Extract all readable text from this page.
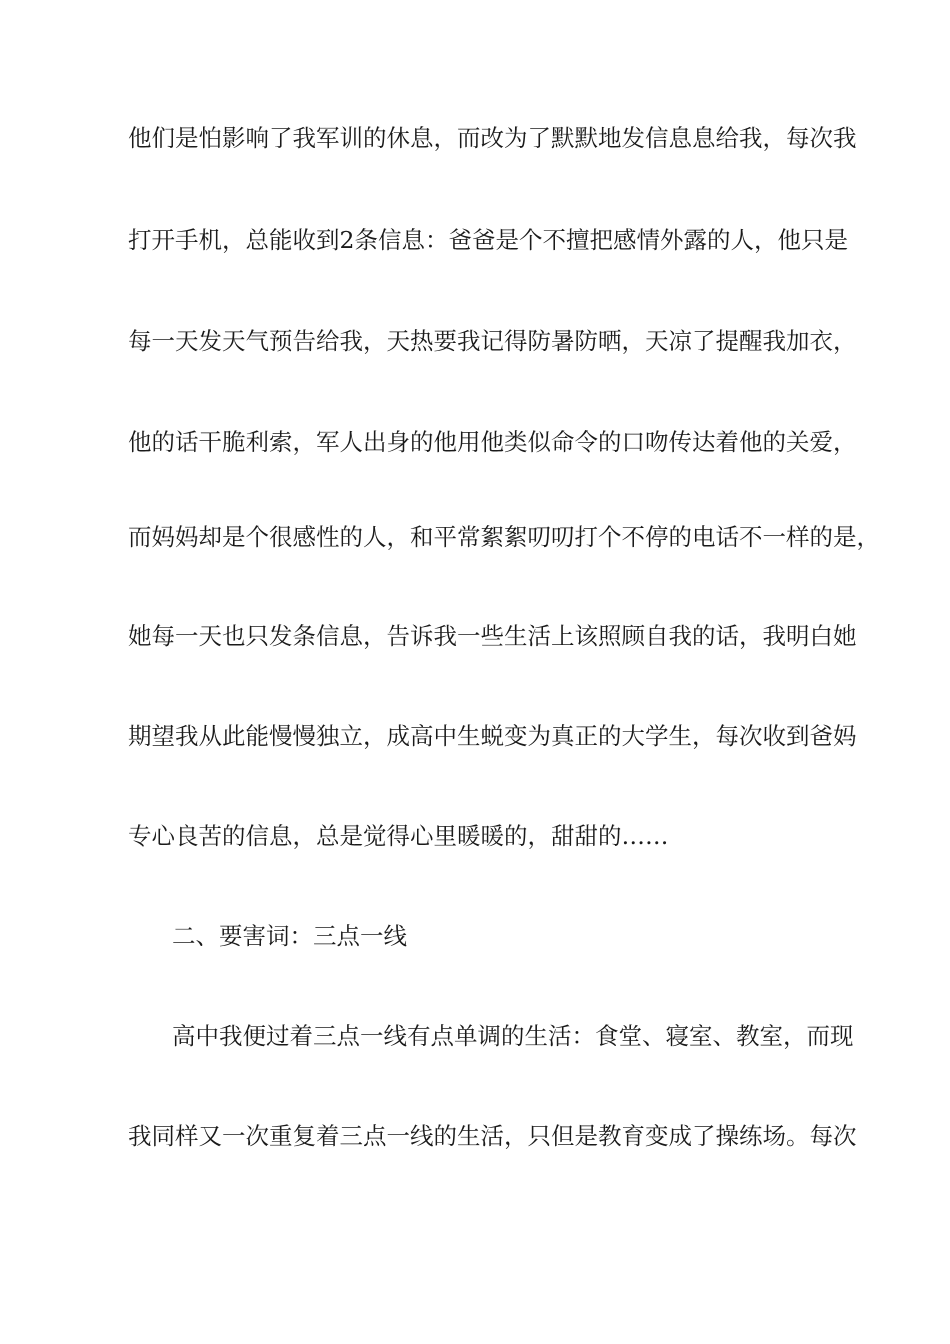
他们是怕影响了我军训的休息，而改为了默默地发信息息给我，每次我
打开手机，总能收到2条信息：爸爸是个不擅把感情外露的人，他只是
每一天发天气预告给我，天热要我记得防暑防晒，天凉了提醒我加衣，
他的话干脆利索，军人出身的他用他类似命令的口吻传达着他的关爱，
而妈妈却是个很感性的人，和平常絮絮叨叨打个不停的电话不一样的是，
她每一天也只发条信息，告诉我一些生活上该照顾自我的话，我明白她
期望我从此能慢慢独立，成高中生蜕变为真正的大学生，每次收到爸妈
专心良苦的信息，总是觉得心里暖暖的，甜甜的……
二、要害词：三点一线
高中我便过着三点一线有点单调的生活：食堂、寝室、教室，而现
我同样又一次重复着三点一线的生活，只但是教育变成了操练场。每次
